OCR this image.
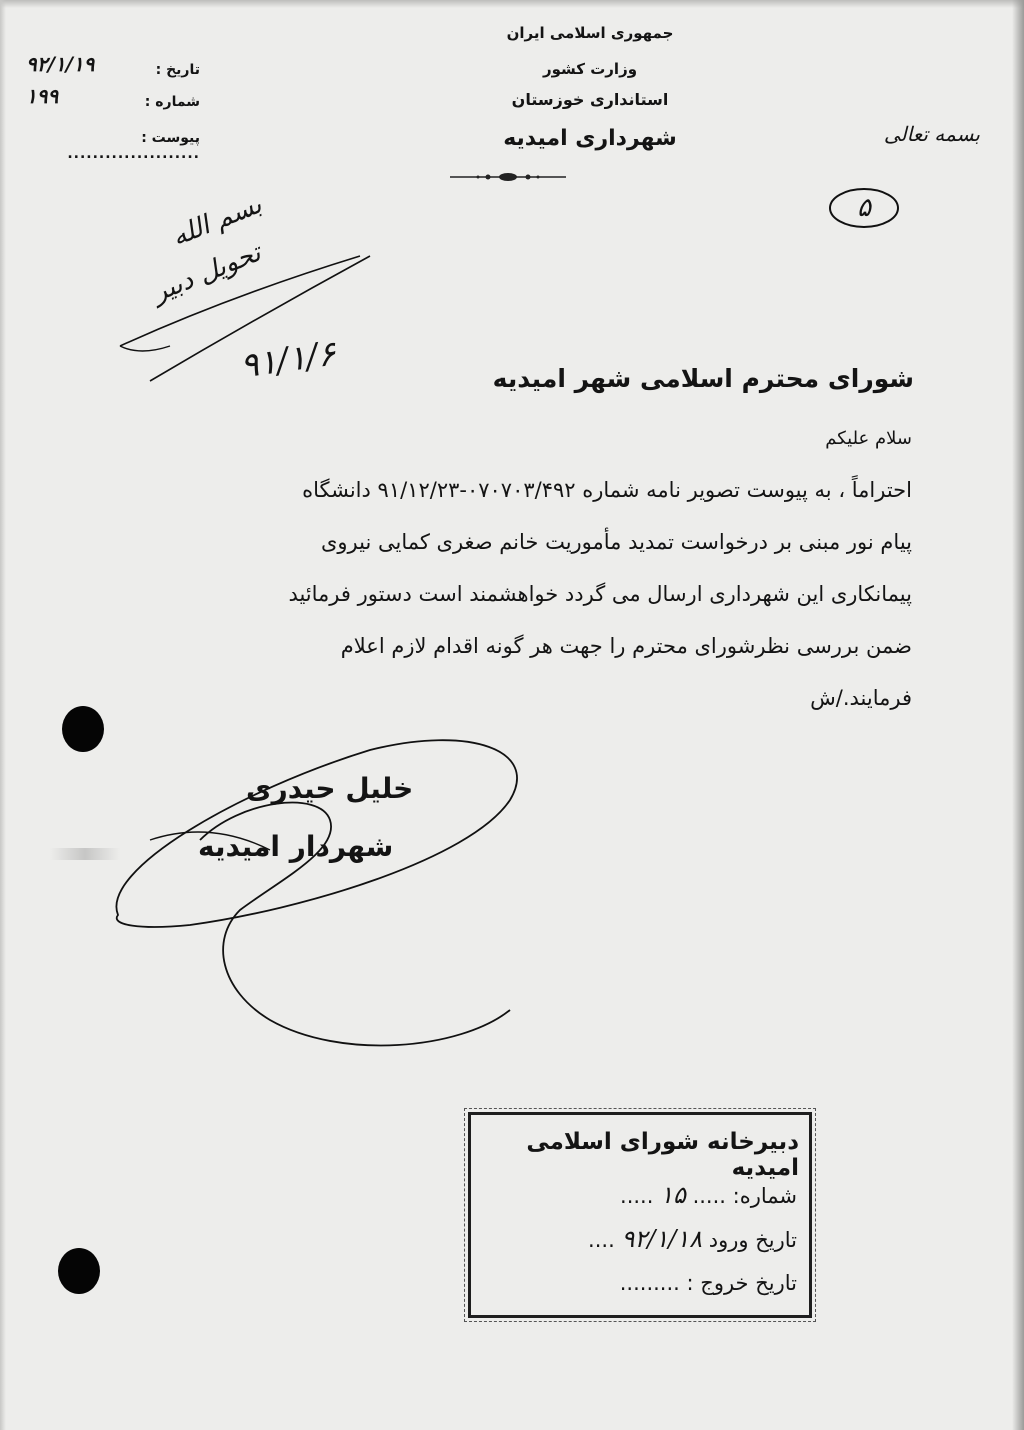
جمهوری اسلامی ایران
وزارت کشور
استانداری خوزستان
شهرداری امیدیه
تاریخ :
۹۲/۱/۱۹
شماره :
۱۹۹
پیوست : .....................
بسمه تعالی
۵
بسم الله
تحویل دبیر
۹۱/۱/۶	شورای محترم اسلامی شهر امیدیه
سلام علیکم

احتراماً ، به پیوست تصویر نامه شماره ۰۷۰۷۰۳/۴۹۲-۹۱/۱۲/۲۳ دانشگاه

پیام نور مبنی بر درخواست تمدید مأموریت خانم صغری کمایی نیروی

پیمانکاری این شهرداری ارسال می گردد خواهشمند است دستور فرمائید

ضمن بررسی نظرشورای محترم را جهت هر گونه اقدام لازم اعلام

فرمایند./ش

خلیل حیدری
شهردار امیدیه
دبیرخانه شورای اسلامی امیدیه
شماره: ..... ۱۵ .....
تاریخ ورود ۹۲/۱/۱۸ ....
تاریخ خروج : .........
